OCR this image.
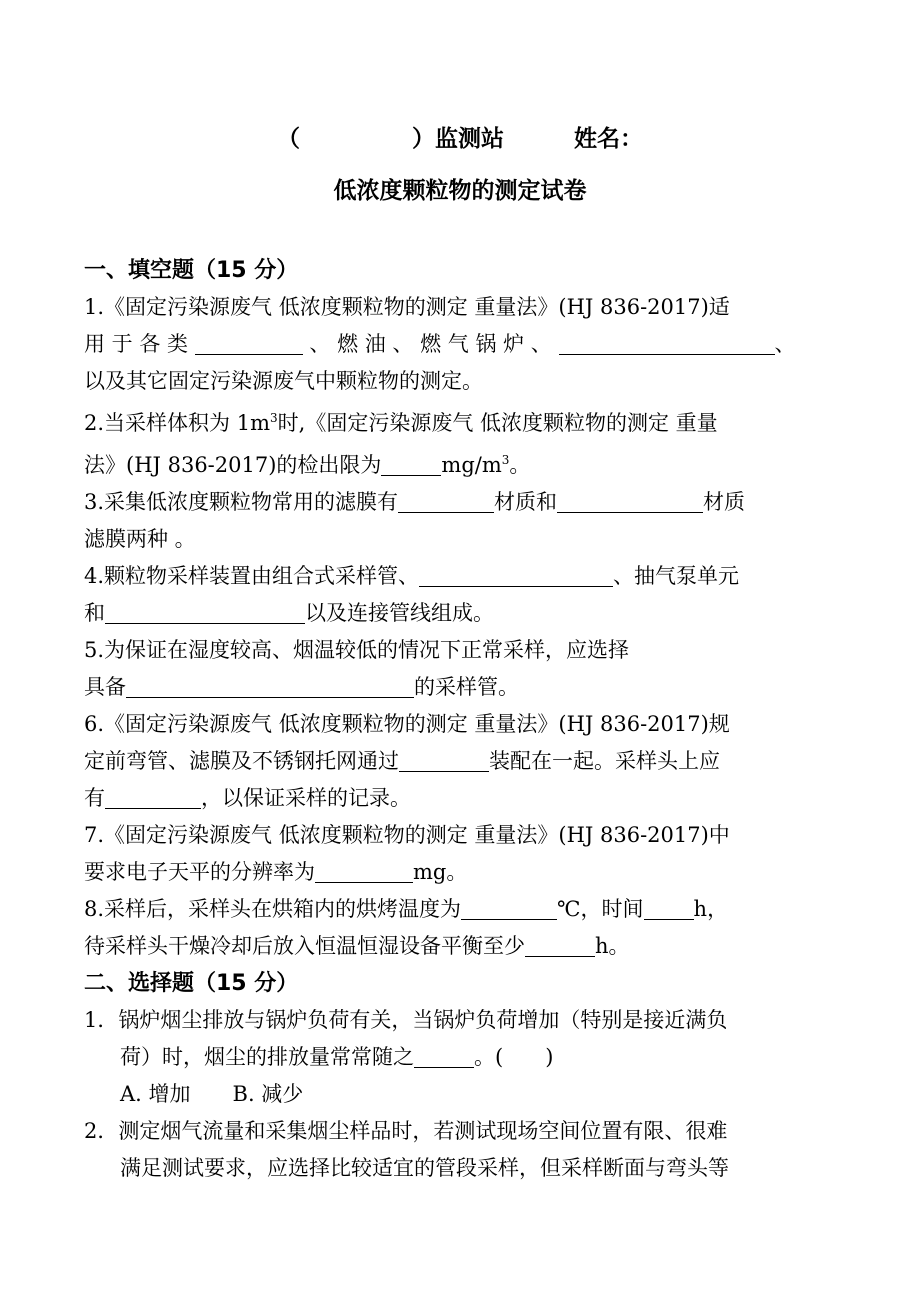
（	）监测站	姓名：
低浓度颗粒物的测定试卷
一、填空题（15 分）
1.《固定污染源废气 低浓度颗粒物的测定 重量法》(HJ 836-2017)适
用 于 各 类	、 燃 油 、 燃 气 锅 炉 、	、
以及其它固定污染源废气中颗粒物的测定。
2.当采样体积为 $1m^3$时,《固定污染源废气 低浓度颗粒物的测定 重量
法》(HJ 836-2017)的检出限为	$mg/m^3$。
3.采集低浓度颗粒物常用的滤膜有	材质和	材质
滤膜两种 。
4.颗粒物采样装置由组合式采样管、	、抽气泵单元
和	以及连接管线组成。
5.为保证在湿度较高、烟温较低的情况下正常采样，应选择
具备	的采样管。
6.《固定污染源废气 低浓度颗粒物的测定 重量法》(HJ 836-2017)规
定前弯管、滤膜及不锈钢托网通过	装配在一起。采样头上应
有	，以保证采样的记录。
7.《固定污染源废气 低浓度颗粒物的测定 重量法》(HJ 836-2017)中
要求电子天平的分辨率为	mg。
8.采样后，采样头在烘箱内的烘烤温度为	℃，时间 h，
待采样头干燥冷却后放入恒温恒湿设备平衡至少	h。
二、选择题（15 分）
1．锅炉烟尘排放与锅炉负荷有关，当锅炉负荷增加（特别是接近满负
荷）时，烟尘的排放量常常随之	。(　　)
A. 增加　　B. 减少
2．测定烟气流量和采集烟尘样品时，若测试现场空间位置有限、很难
满足测试要求，应选择比较适宜的管段采样，但采样断面与弯头等
